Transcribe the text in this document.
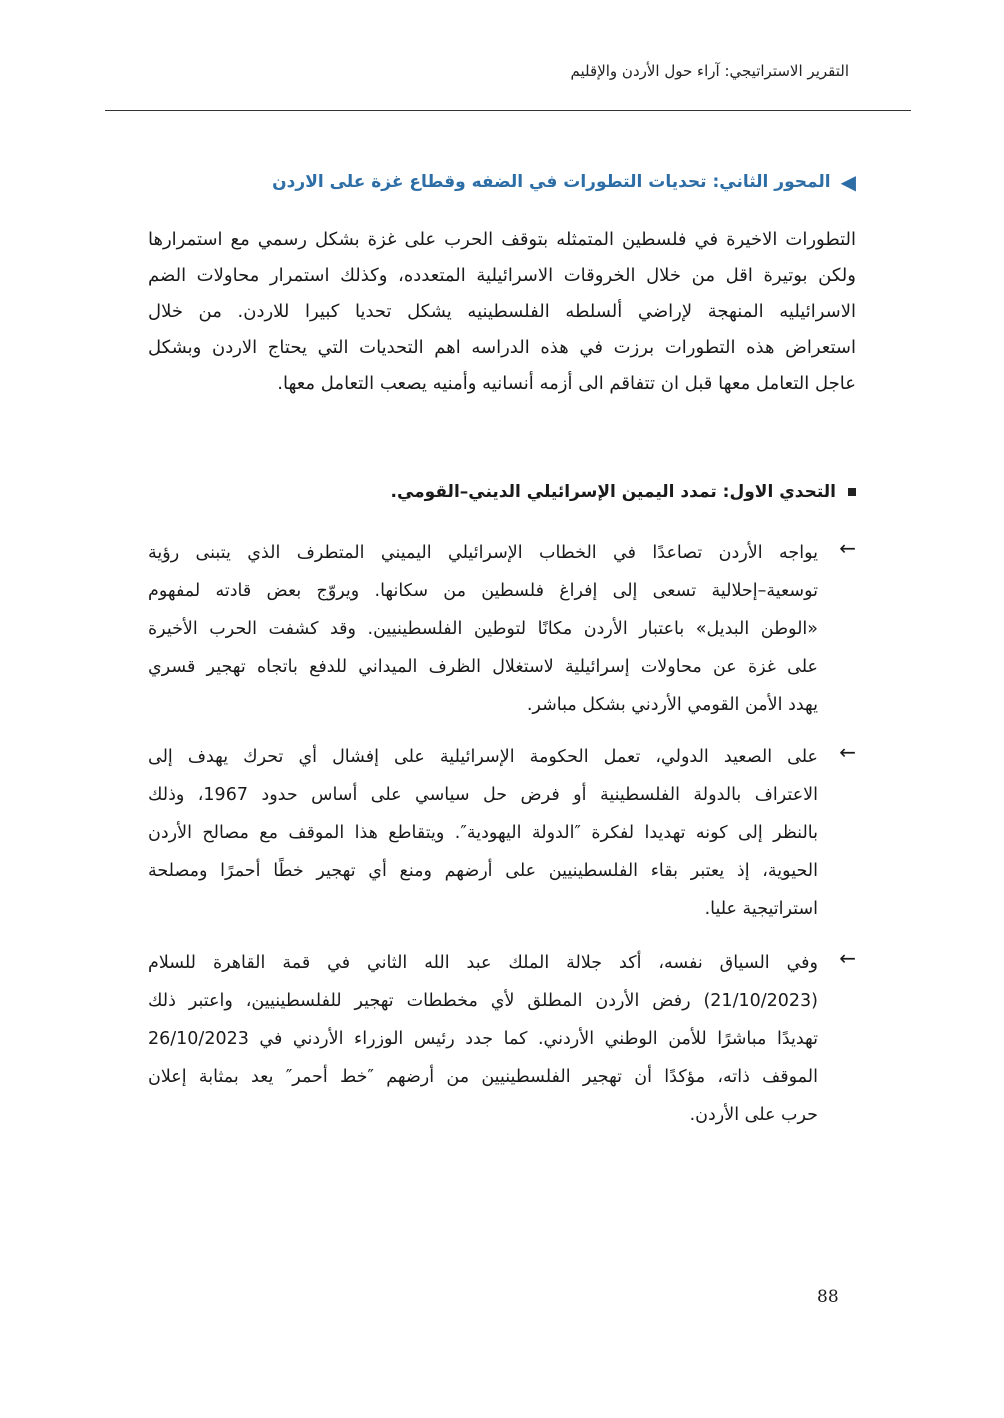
التقرير الاستراتيجي: آراء حول الأردن والإقليم
◀
المحور الثاني: تحديات التطورات في الضفه وقطاع غزة على الاردن
التطورات الاخيرة في فلسطين المتمثله بتوقف الحرب على غزة بشكل رسمي مع استمرارها
ولكن بوتيرة اقل من خلال الخروقات الاسرائيلية المتعدده، وكذلك استمرار محاولات الضم
الاسرائيليه المنهجة لإراضي ألسلطه الفلسطينيه يشكل تحديا كبيرا للاردن. من خلال
استعراض هذه التطورات برزت في هذه الدراسه اهم التحديات التي يحتاج الاردن وبشكل
عاجل التعامل معها قبل ان تتفاقم الى أزمه أنسانيه وأمنيه يصعب التعامل معها.
التحدي الاول: تمدد اليمين الإسرائيلي الديني–القومي.
←
يواجه الأردن تصاعدًا في الخطاب الإسرائيلي اليميني المتطرف الذي يتبنى رؤية
توسعية–إحلالية تسعى إلى إفراغ فلسطين من سكانها. ويروّج بعض قادته لمفهوم
«الوطن البديل» باعتبار الأردن مكانًا لتوطين الفلسطينيين. وقد كشفت الحرب الأخيرة
على غزة عن محاولات إسرائيلية لاستغلال الظرف الميداني للدفع باتجاه تهجير قسري
يهدد الأمن القومي الأردني بشكل مباشر.
←
على الصعيد الدولي، تعمل الحكومة الإسرائيلية على إفشال أي تحرك يهدف إلى
الاعتراف بالدولة الفلسطينية أو فرض حل سياسي على أساس حدود 1967، وذلك
بالنظر إلى كونه تهديدا لفكرة ″الدولة اليهودية″. ويتقاطع هذا الموقف مع مصالح الأردن
الحيوية، إذ يعتبر بقاء الفلسطينيين على أرضهم ومنع أي تهجير خطًا أحمرًا ومصلحة
استراتيجية عليا.
←
وفي السياق نفسه، أكد جلالة الملك عبد الله الثاني في قمة القاهرة للسلام
(21/10/2023) رفض الأردن المطلق لأي مخططات تهجير للفلسطينيين، واعتبر ذلك
تهديدًا مباشرًا للأمن الوطني الأردني. كما جدد رئيس الوزراء الأردني في 26/10/2023
الموقف ذاته، مؤكدًا أن تهجير الفلسطينيين من أرضهم ″خط أحمر″ يعد بمثابة إعلان
حرب على الأردن.
88
